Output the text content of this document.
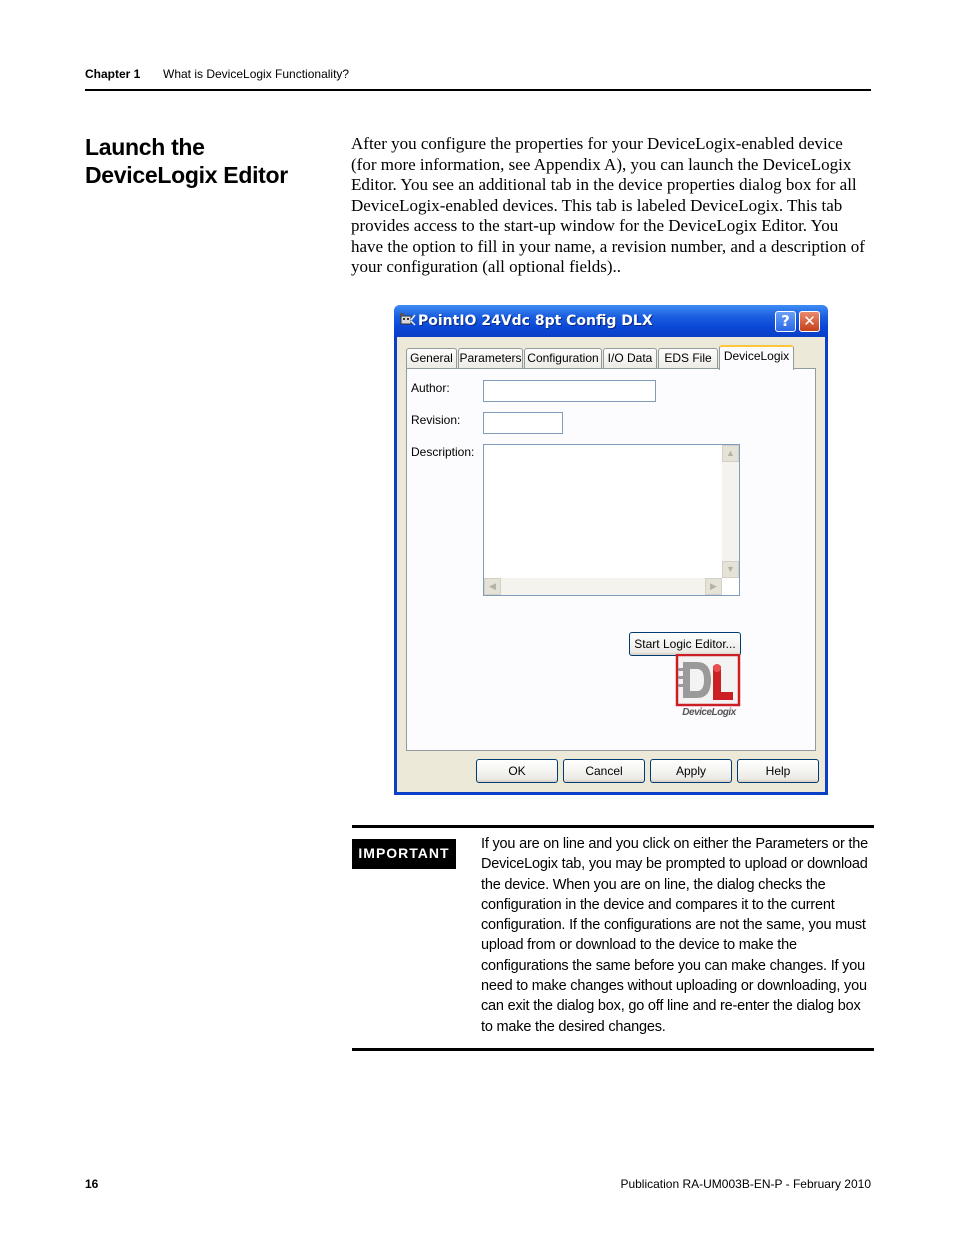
Chapter 1 What is DeviceLogix Functionality?
Launch the DeviceLogix Editor
After you configure the properties for your DeviceLogix-enabled device (for more information, see Appendix A), you can launch the DeviceLogix Editor. You see an additional tab in the device properties dialog box for all DeviceLogix-enabled devices. This tab is labeled DeviceLogix. This tab provides access to the start-up window for the DeviceLogix Editor. You have the option to fill in your name, a revision number, and a description of your configuration (all optional fields)..
PointIO 24Vdc 8pt Config DLX	? ✕
General Parameters Configuration I/O Data EDS File	DeviceLogix
Author:
Revision:
Description:	▲
▼
◀	▶
Start Logic Editor...
DeviceLogix
OK	Cancel	Apply	Help
IMPORTANT
If you are on line and you click on either the Parameters or the DeviceLogix tab, you may be prompted to upload or download the device. When you are on line, the dialog checks the configuration in the device and compares it to the current configuration. If the configurations are not the same, you must upload from or download to the device to make the configurations the same before you can make changes. If you need to make changes without uploading or downloading, you can exit the dialog box, go off line and re-enter the dialog box to make the desired changes.
16	Publication RA-UM003B-EN-P - February 2010
